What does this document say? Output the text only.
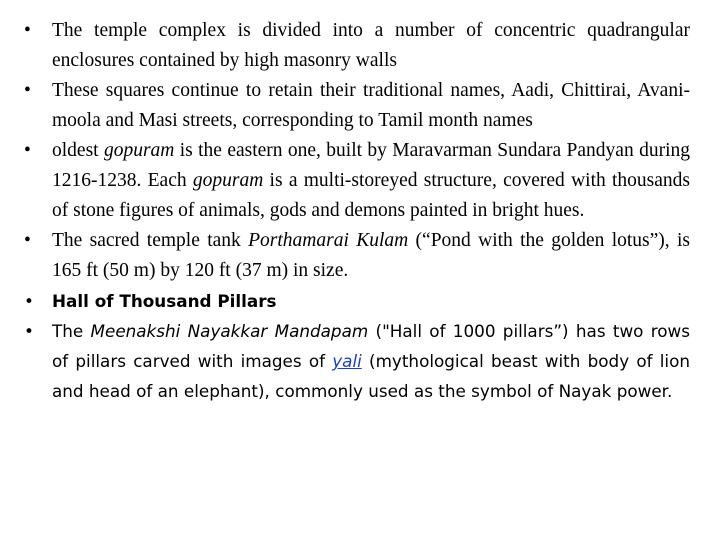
• The temple complex is divided into a number of concentric quadrangular enclosures contained by high masonry walls
• These squares continue to retain their traditional names, Aadi, Chittirai, Avani-moola and Masi streets, corresponding to Tamil month names
• oldest gopuram is the eastern one, built by Maravarman Sundara Pandyan during 1216-1238. Each gopuram is a multi-storeyed structure, covered with thousands of stone figures of animals, gods and demons painted in bright hues.
• The sacred temple tank Porthamarai Kulam (“Pond with the golden lotus”), is 165 ft (50 m) by 120 ft (37 m) in size.
• Hall of Thousand Pillars
• The Meenakshi Nayakkar Mandapam ("Hall of 1000 pillars”) has two rows of pillars carved with images of yali (mythological beast with body of lion and head of an elephant), commonly used as the symbol of Nayak power.
